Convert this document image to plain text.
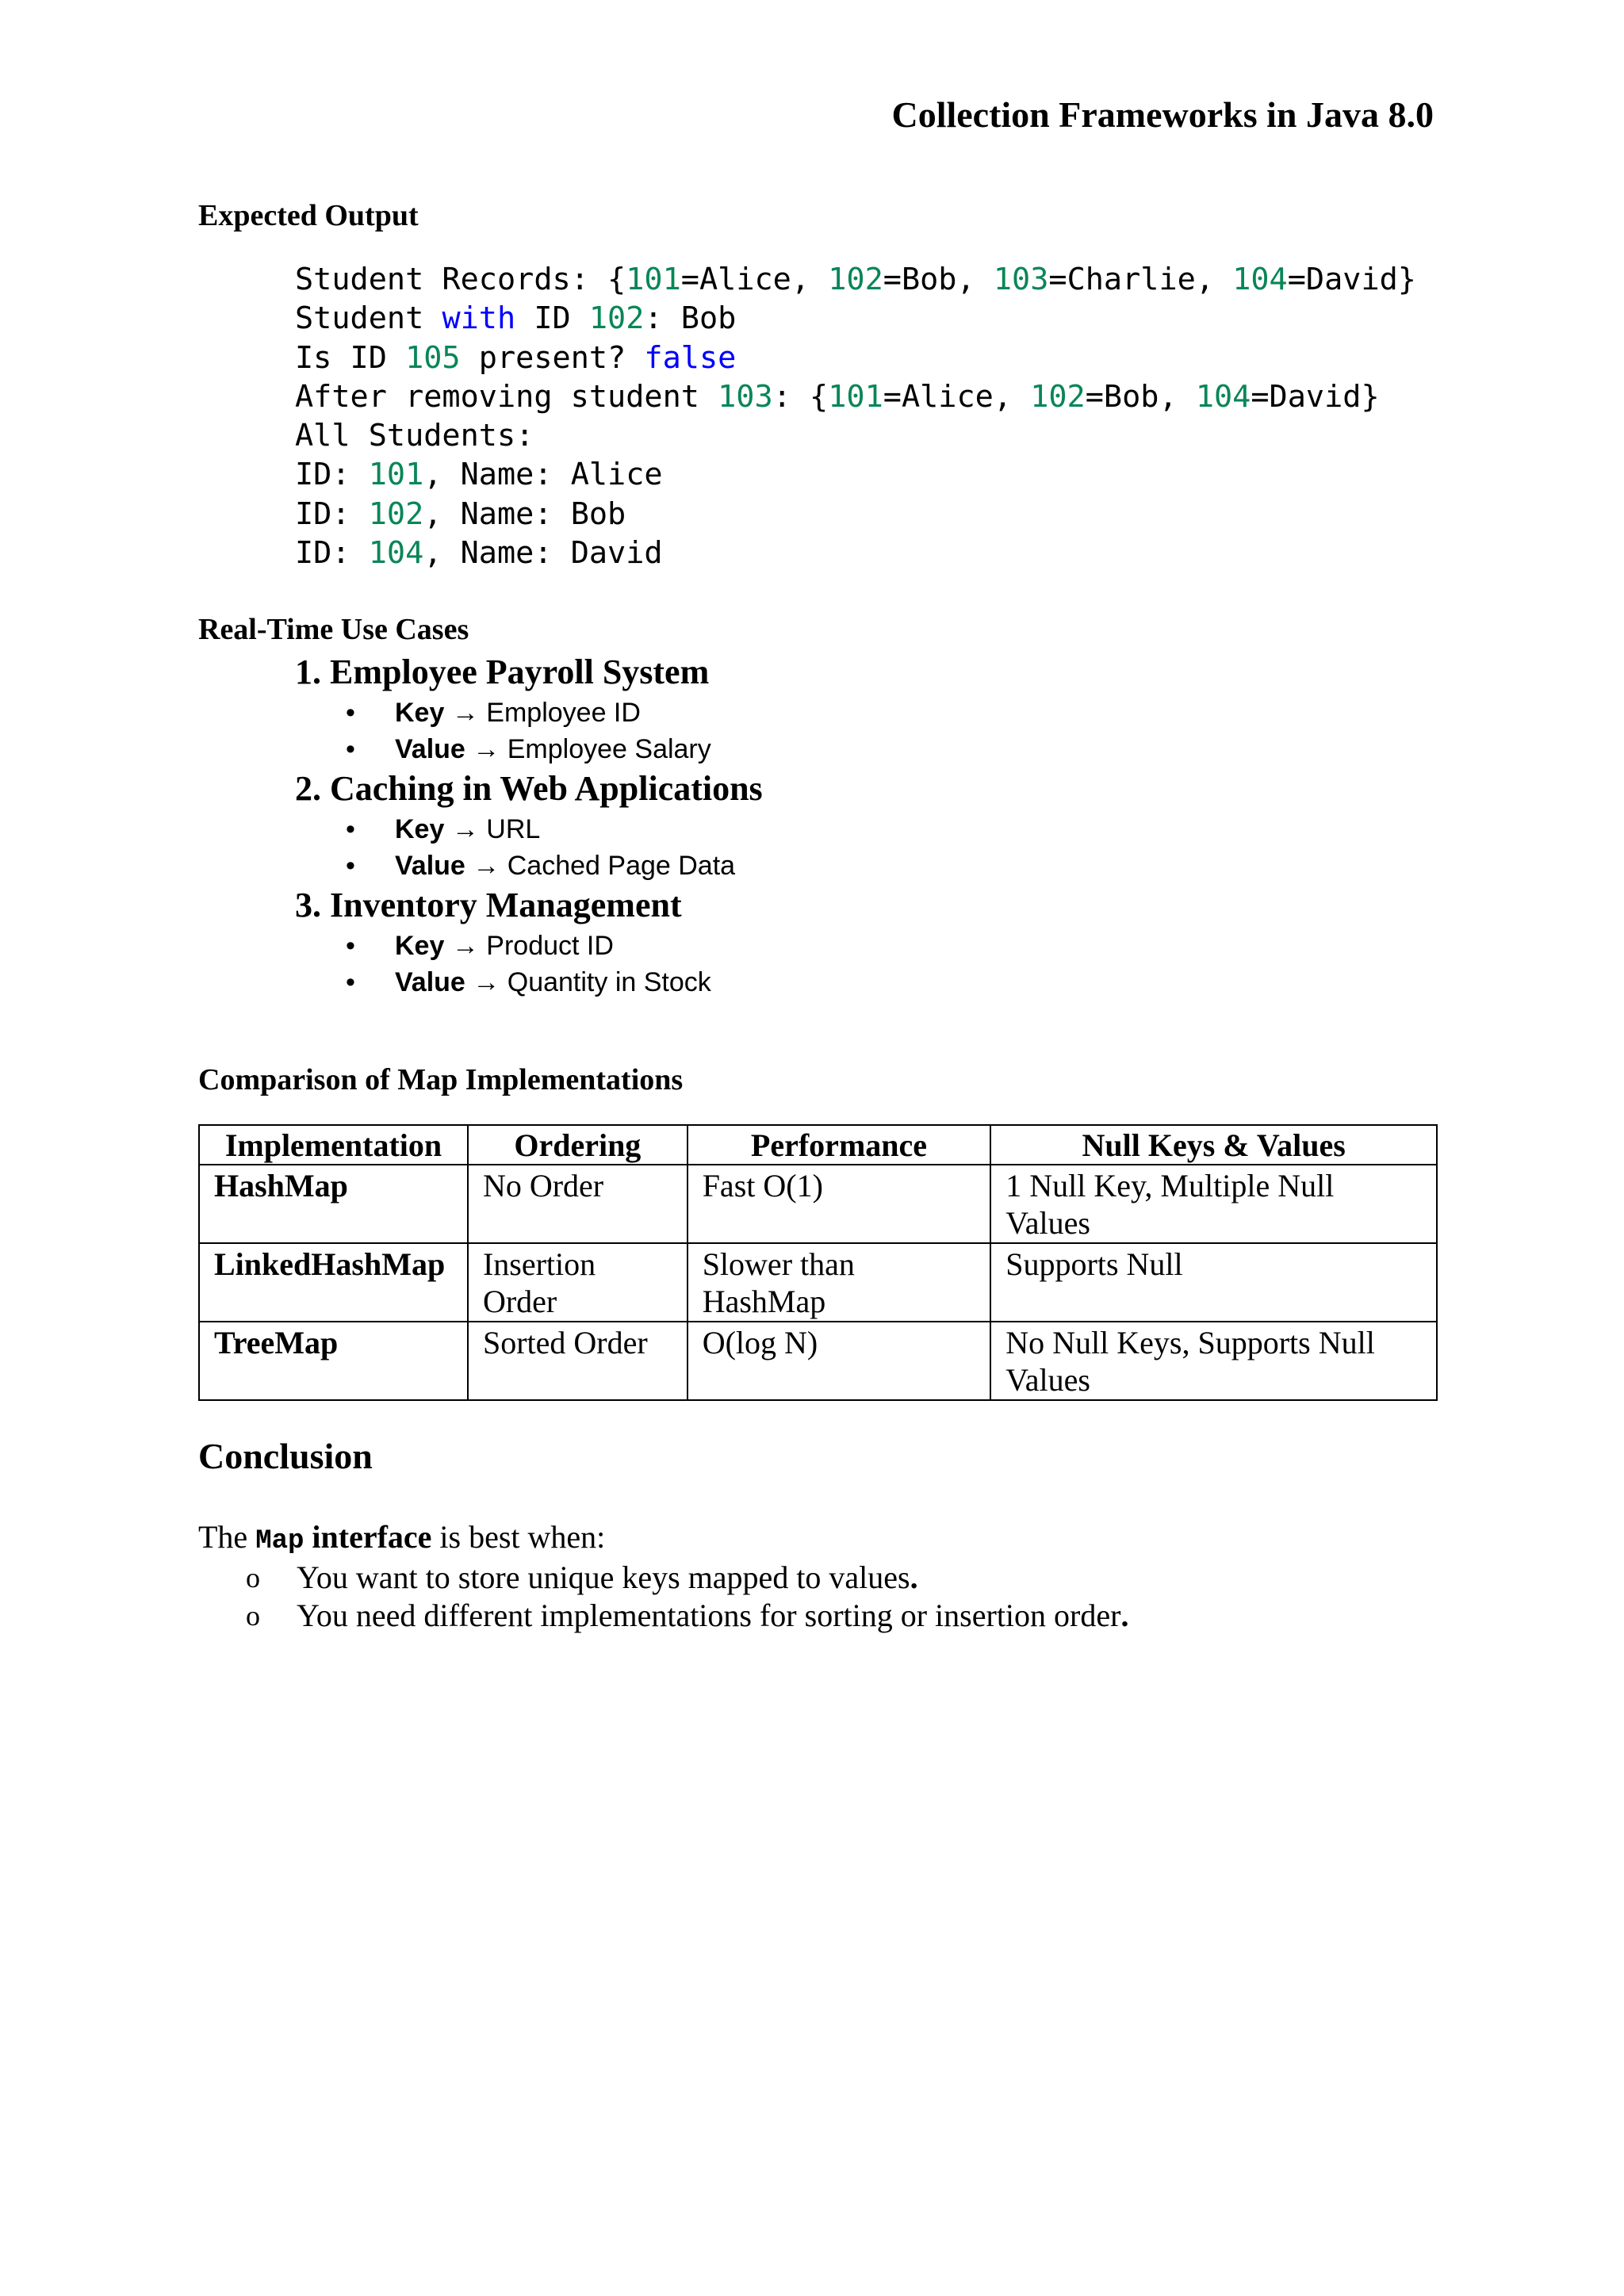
Collection Frameworks in Java 8.0
Expected Output
Student Records: {101=Alice, 102=Bob, 103=Charlie, 104=David}
Student with ID 102: Bob
Is ID 105 present? false
After removing student 103: {101=Alice, 102=Bob, 104=David}
All Students:
ID: 101, Name: Alice
ID: 102, Name: Bob
ID: 104, Name: David
Real-Time Use Cases
1. Employee Payroll System
• Key → Employee ID
• Value → Employee Salary
2. Caching in Web Applications
• Key → URL
• Value → Cached Page Data
3. Inventory Management
• Key → Product ID
• Value → Quantity in Stock
Comparison of Map Implementations
Implementation	Ordering	Performance	Null Keys & Values
HashMap	No Order	Fast O(1)	1 Null Key, Multiple Null Values
LinkedHashMap	Insertion Order	Slower than HashMap	Supports Null
TreeMap	Sorted Order	O(log N)	No Null Keys, Supports Null Values
Conclusion

The Map interface is best when:

o You want to store unique keys mapped to values.
o You need different implementations for sorting or insertion order.
